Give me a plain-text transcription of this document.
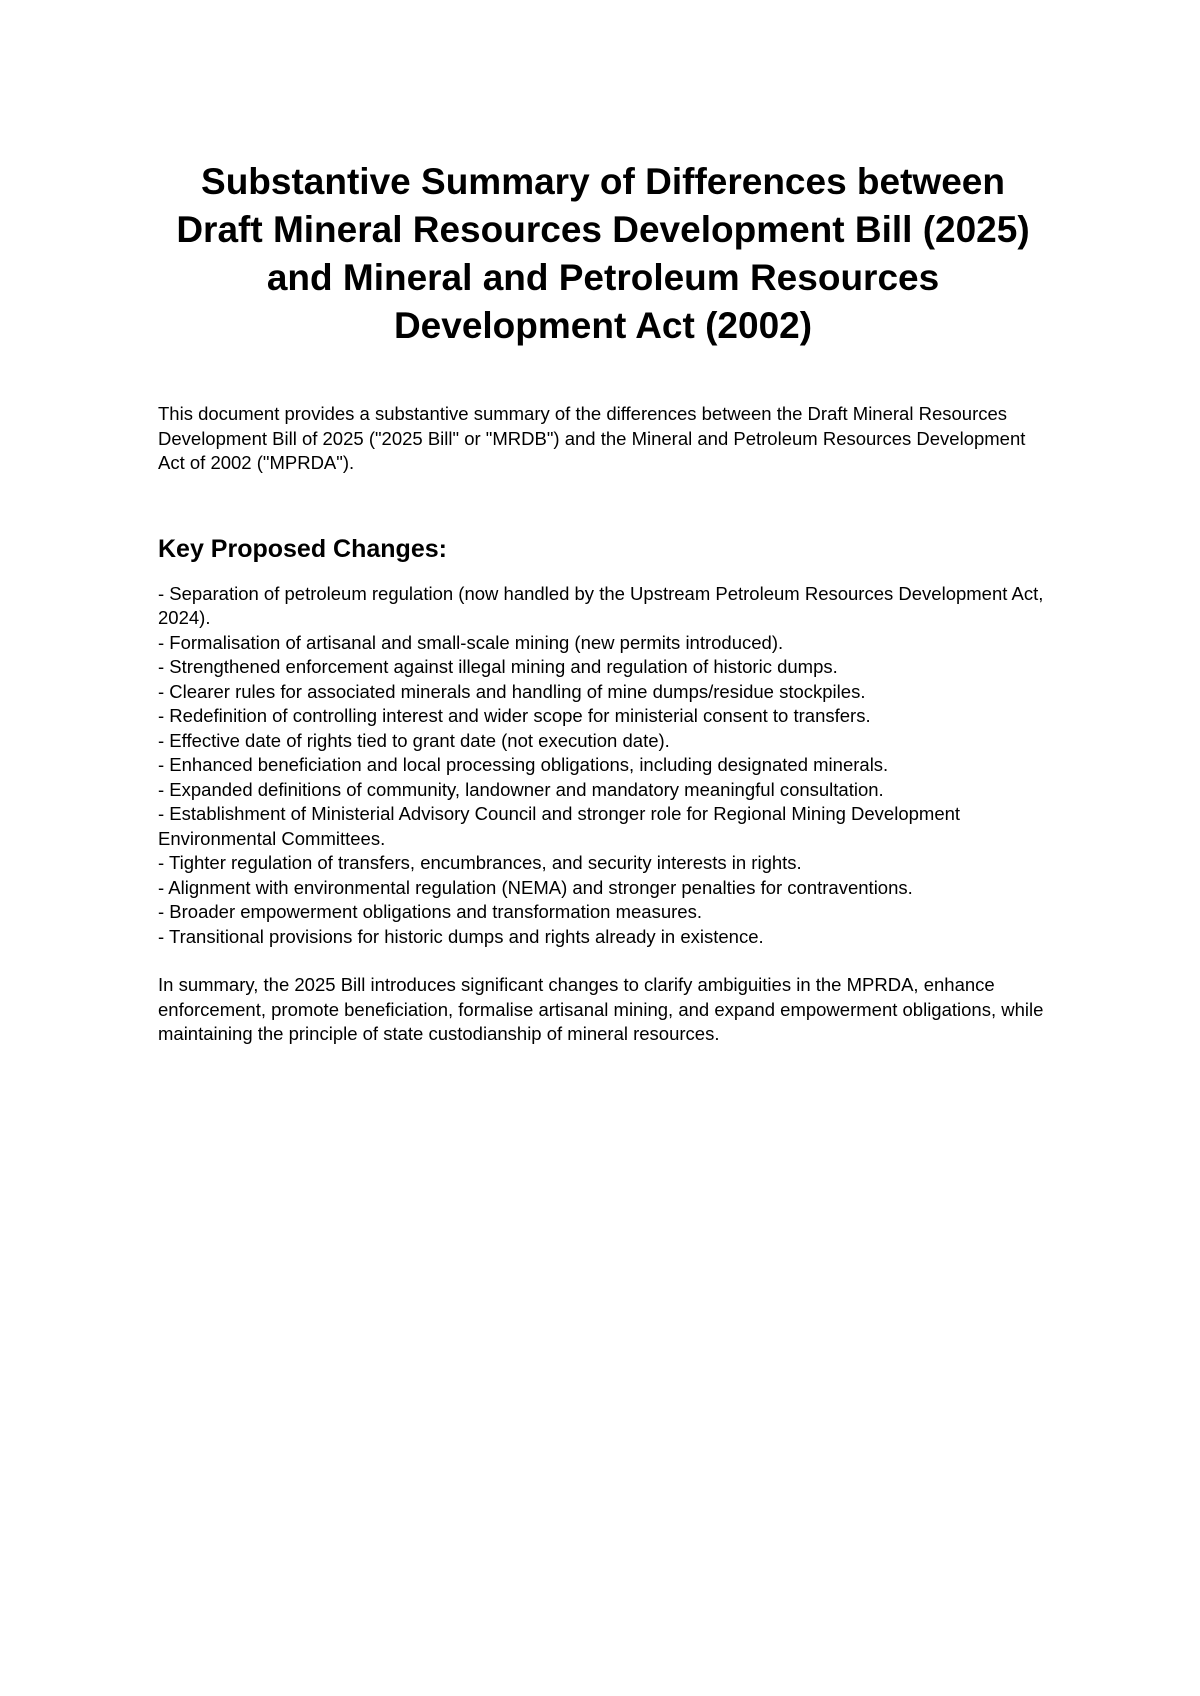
Substantive Summary of Differences between Draft Mineral Resources Development Bill (2025) and Mineral and Petroleum Resources Development Act (2002)

This document provides a substantive summary of the differences between the Draft Mineral Resources Development Bill of 2025 ("2025 Bill" or "MRDB") and the Mineral and Petroleum Resources Development Act of 2002 ("MPRDA").

Key Proposed Changes:
- Separation of petroleum regulation (now handled by the Upstream Petroleum Resources Development Act, 2024).
- Formalisation of artisanal and small-scale mining (new permits introduced).
- Strengthened enforcement against illegal mining and regulation of historic dumps.
- Clearer rules for associated minerals and handling of mine dumps/residue stockpiles.
- Redefinition of controlling interest and wider scope for ministerial consent to transfers.
- Effective date of rights tied to grant date (not execution date).
- Enhanced beneficiation and local processing obligations, including designated minerals.
- Expanded definitions of community, landowner and mandatory meaningful consultation.
- Establishment of Ministerial Advisory Council and stronger role for Regional Mining Development Environmental Committees.
- Tighter regulation of transfers, encumbrances, and security interests in rights.
- Alignment with environmental regulation (NEMA) and stronger penalties for contraventions.
- Broader empowerment obligations and transformation measures.
- Transitional provisions for historic dumps and rights already in existence.

In summary, the 2025 Bill introduces significant changes to clarify ambiguities in the MPRDA, enhance enforcement, promote beneficiation, formalise artisanal mining, and expand empowerment obligations, while maintaining the principle of state custodianship of mineral resources.
